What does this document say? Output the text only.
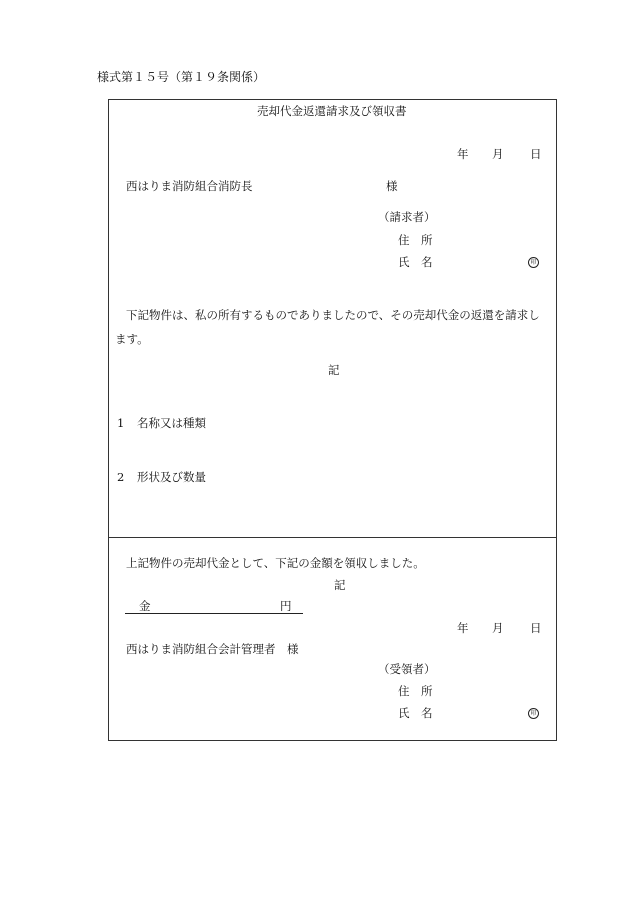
様式第１５号（第１９条関係）
売却代金返還請求及び領収書
年 月 日
西はりま消防組合消防長	様
（請求者）
住　所
氏　名	印
下記物件は、私の所有するものでありましたので、その売却代金の返還を請求します。
記
1 名称又は種類
2 形状及び数量
上記物件の売却代金として、下記の金額を領収しました。
記
金	円
年 月 日
西はりま消防組合会計管理者　様
（受領者）
住　所
氏　名	印
